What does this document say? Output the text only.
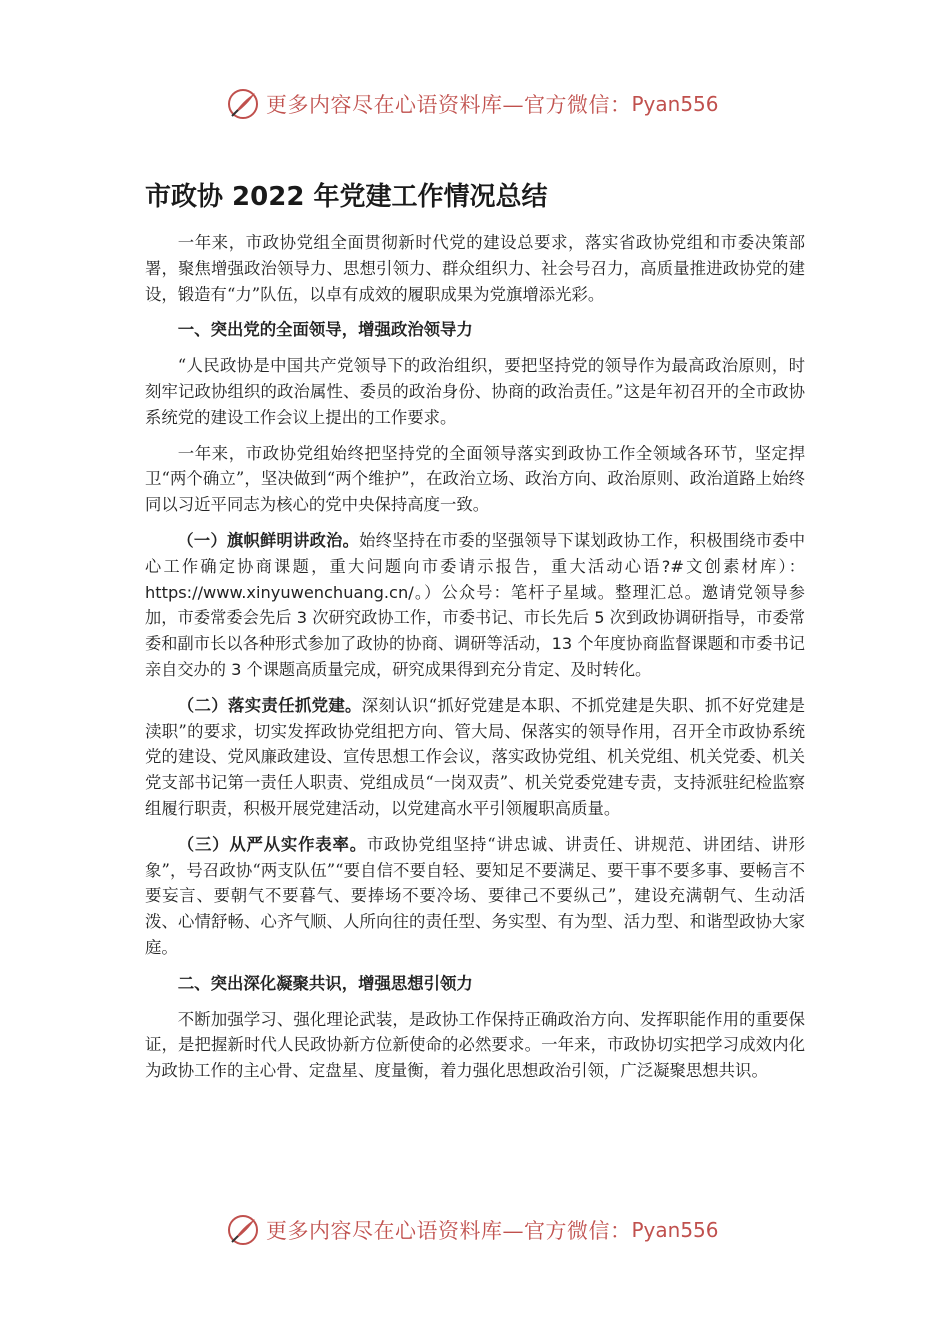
更多内容尽在心语资料库—官方微信： Pyan556
市政协 2022 年党建工作情况总结

一年来，市政协党组全面贯彻新时代党的建设总要求，落实省政协党组和市委决策部署，聚焦增强政治领导力、思想引领力、群众组织力、社会号召力，高质量推进政协党的建设，锻造有“力”队伍，以卓有成效的履职成果为党旗增添光彩。

一、突出党的全面领导，增强政治领导力

“人民政协是中国共产党领导下的政治组织，要把坚持党的领导作为最高政治原则，时刻牢记政协组织的政治属性、委员的政治身份、协商的政治责任。”这是年初召开的全市政协系统党的建设工作会议上提出的工作要求。

一年来，市政协党组始终把坚持党的全面领导落实到政协工作全领域各环节，坚定捍卫“两个确立”，坚决做到“两个维护”，在政治立场、政治方向、政治原则、政治道路上始终同以习近平同志为核心的党中央保持高度一致。

（一）旗帜鲜明讲政治。始终坚持在市委的坚强领导下谋划政协工作，积极围绕市委中心工作确定协商课题，重大问题向市委请示报告，重大活动心语?#文创素材库）：https://www.xinyuwenchuang.cn/。）公众号：笔杆子星域。整理汇总。邀请党领导参加，市委常委会先后 3 次研究政协工作，市委书记、市长先后 5 次到政协调研指导，市委常委和副市长以各种形式参加了政协的协商、调研等活动，13 个年度协商监督课题和市委书记亲自交办的 3 个课题高质量完成，研究成果得到充分肯定、及时转化。

（二）落实责任抓党建。深刻认识“抓好党建是本职、不抓党建是失职、抓不好党建是渎职”的要求，切实发挥政协党组把方向、管大局、保落实的领导作用，召开全市政协系统党的建设、党风廉政建设、宣传思想工作会议，落实政协党组、机关党组、机关党委、机关党支部书记第一责任人职责、党组成员“一岗双责”、机关党委党建专责，支持派驻纪检监察组履行职责，积极开展党建活动，以党建高水平引领履职高质量。

（三）从严从实作表率。市政协党组坚持“讲忠诚、讲责任、讲规范、讲团结、讲形象”，号召政协“两支队伍”“要自信不要自轻、要知足不要满足、要干事不要多事、要畅言不要妄言、要朝气不要暮气、要捧场不要冷场、要律己不要纵己”，建设充满朝气、生动活泼、心情舒畅、心齐气顺、人所向往的责任型、务实型、有为型、活力型、和谐型政协大家庭。

二、突出深化凝聚共识，增强思想引领力

不断加强学习、强化理论武装，是政协工作保持正确政治方向、发挥职能作用的重要保证，是把握新时代人民政协新方位新使命的必然要求。一年来，市政协切实把学习成效内化为政协工作的主心骨、定盘星、度量衡，着力强化思想政治引领，广泛凝聚思想共识。

更多内容尽在心语资料库—官方微信： Pyan556
